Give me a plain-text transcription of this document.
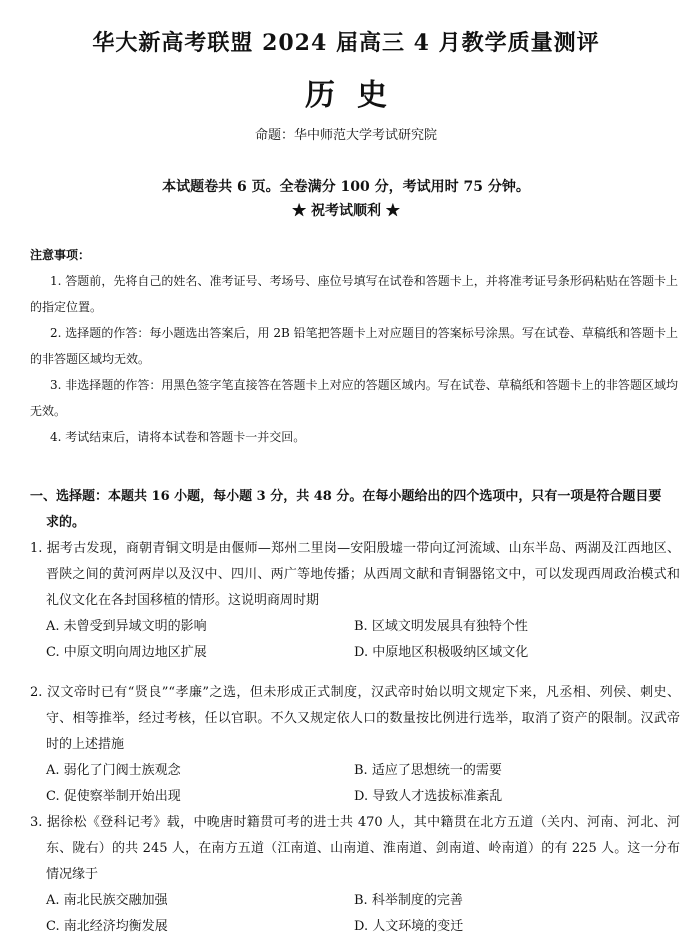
华大新高考联盟 2024 届高三 4 月教学质量测评
历史
命题：华中师范大学考试研究院
本试题卷共 6 页。全卷满分 100 分，考试用时 75 分钟。
★ 祝考试顺利 ★
注意事项：
1. 答题前，先将自己的姓名、准考证号、考场号、座位号填写在试卷和答题卡上，并将准考证号条形码粘贴在答题卡上的指定位置。
2. 选择题的作答：每小题选出答案后，用 2B 铅笔把答题卡上对应题目的答案标号涂黑。写在试卷、草稿纸和答题卡上的非答题区域均无效。
3. 非选择题的作答：用黑色签字笔直接答在答题卡上对应的答题区域内。写在试卷、草稿纸和答题卡上的非答题区域均无效。
4. 考试结束后，请将本试卷和答题卡一并交回。
一、选择题：本题共 16 小题，每小题 3 分，共 48 分。在每小题给出的四个选项中，只有一项是符合题目要
求的。
1. 据考古发现，商朝青铜文明是由偃师—郑州二里岗—安阳殷墟一带向辽河流域、山东半岛、两湖及江西地区、晋陕之间的黄河两岸以及汉中、四川、两广等地传播；从西周文献和青铜器铭文中，可以发现西周政治模式和礼仪文化在各封国移植的情形。这说明商周时期
A. 未曾受到异域文明的影响	B. 区域文明发展具有独特个性
C. 中原文明向周边地区扩展	D. 中原地区积极吸纳区域文化
2. 汉文帝时已有“贤良”“孝廉”之选，但未形成正式制度，汉武帝时始以明文规定下来，凡丞相、列侯、刺史、守、相等推举，经过考核，任以官职。不久又规定依人口的数量按比例进行选举，取消了资产的限制。汉武帝时的上述措施
A. 弱化了门阀士族观念	B. 适应了思想统一的需要
C. 促使察举制开始出现	D. 导致人才选拔标准紊乱
3. 据徐松《登科记考》载，中晚唐时籍贯可考的进士共 470 人，其中籍贯在北方五道（关内、河南、河北、河东、陇右）的共 245 人，在南方五道（江南道、山南道、淮南道、剑南道、岭南道）的有 225 人。这一分布情况缘于
A. 南北民族交融加强	B. 科举制度的完善
C. 南北经济均衡发展	D. 人文环境的变迁
